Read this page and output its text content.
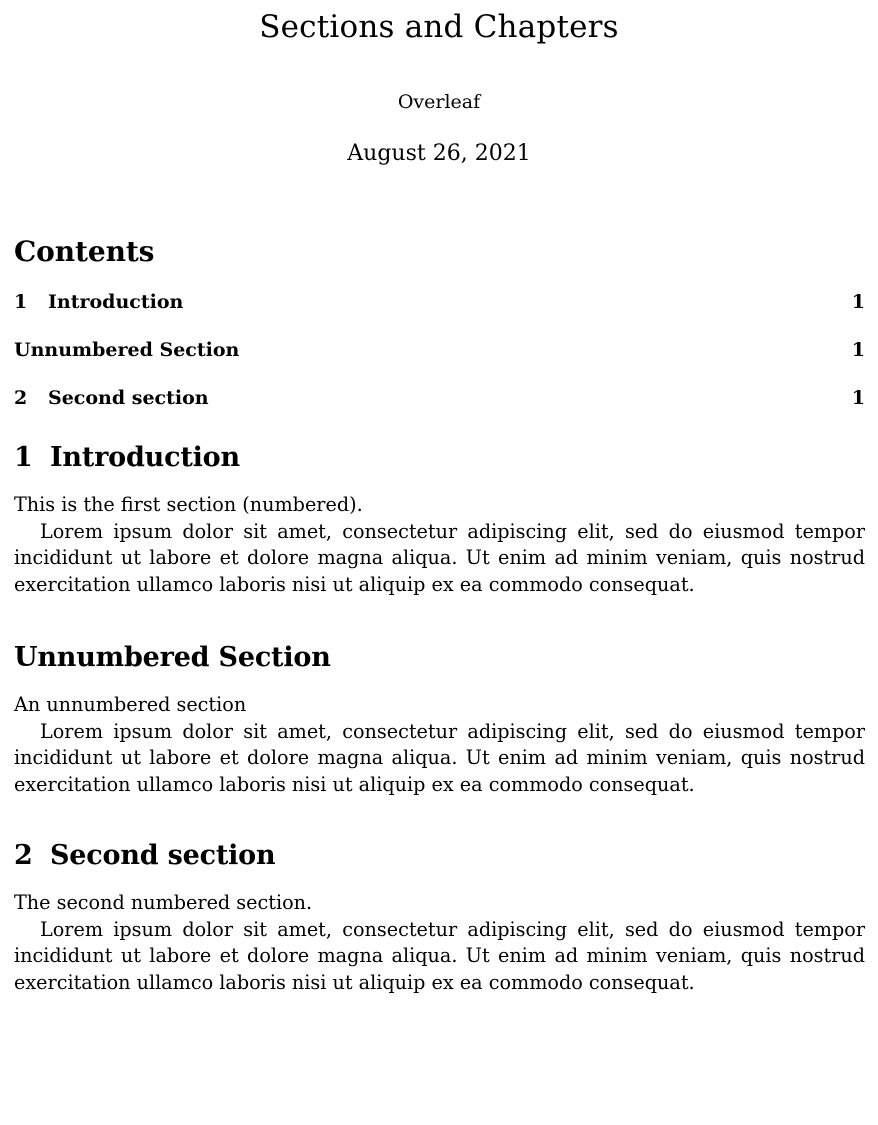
Sections and Chapters

Overleaf

August 26, 2021

Contents
1	Introduction	1
Unnumbered Section	1
2	Second section	1
1 Introduction

This is the first section (numbered).

Lorem ipsum dolor sit amet, consectetur adipiscing elit, sed do eiusmod tempor incididunt ut labore et dolore magna aliqua. Ut enim ad minim veniam, quis nostrud exercitation ullamco laboris nisi ut aliquip ex ea commodo consequat.

Unnumbered Section

An unnumbered section

Lorem ipsum dolor sit amet, consectetur adipiscing elit, sed do eiusmod tempor incididunt ut labore et dolore magna aliqua. Ut enim ad minim veniam, quis nostrud exercitation ullamco laboris nisi ut aliquip ex ea commodo consequat.

2 Second section

The second numbered section.

Lorem ipsum dolor sit amet, consectetur adipiscing elit, sed do eiusmod tempor incididunt ut labore et dolore magna aliqua. Ut enim ad minim veniam, quis nostrud exercitation ullamco laboris nisi ut aliquip ex ea commodo consequat.
